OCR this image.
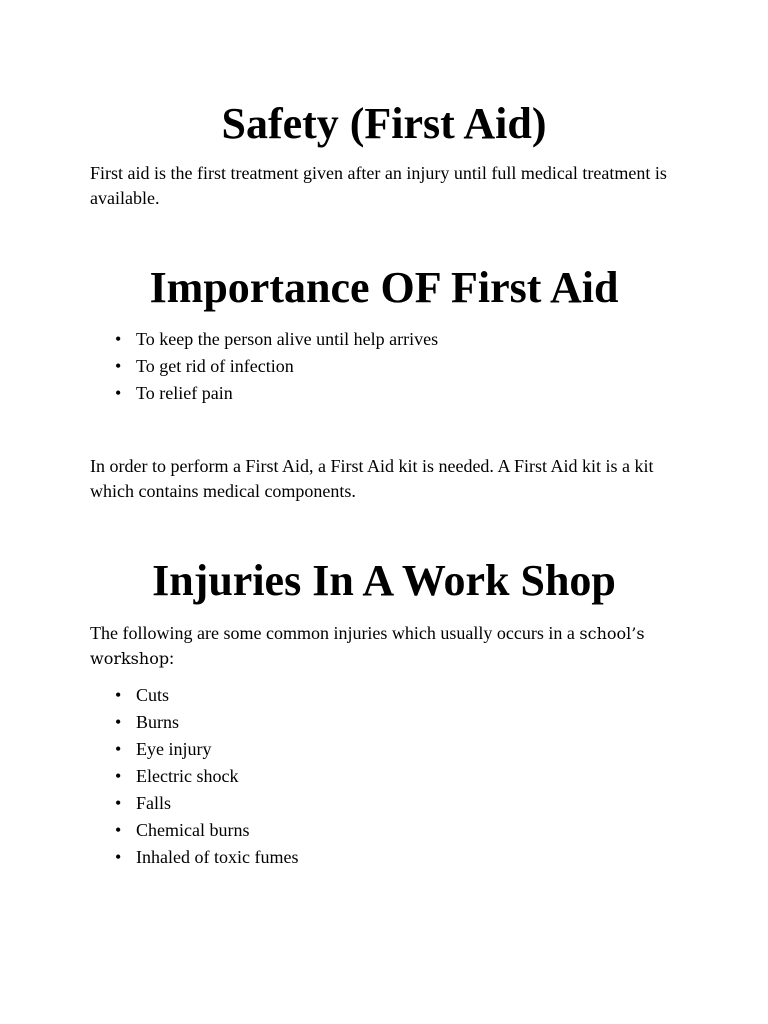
Safety (First Aid)

First aid is the first treatment given after an injury until full medical treatment is available.

Importance OF First Aid
• To keep the person alive until help arrives
• To get rid of infection
• To relief pain

In order to perform a First Aid, a First Aid kit is needed. A First Aid kit is a kit which contains medical components.

Injuries In A Work Shop

The following are some common injuries which usually occurs in a school’s workshop:

• Cuts
• Burns
• Eye injury
• Electric shock
• Falls
• Chemical burns
• Inhaled of toxic fumes
